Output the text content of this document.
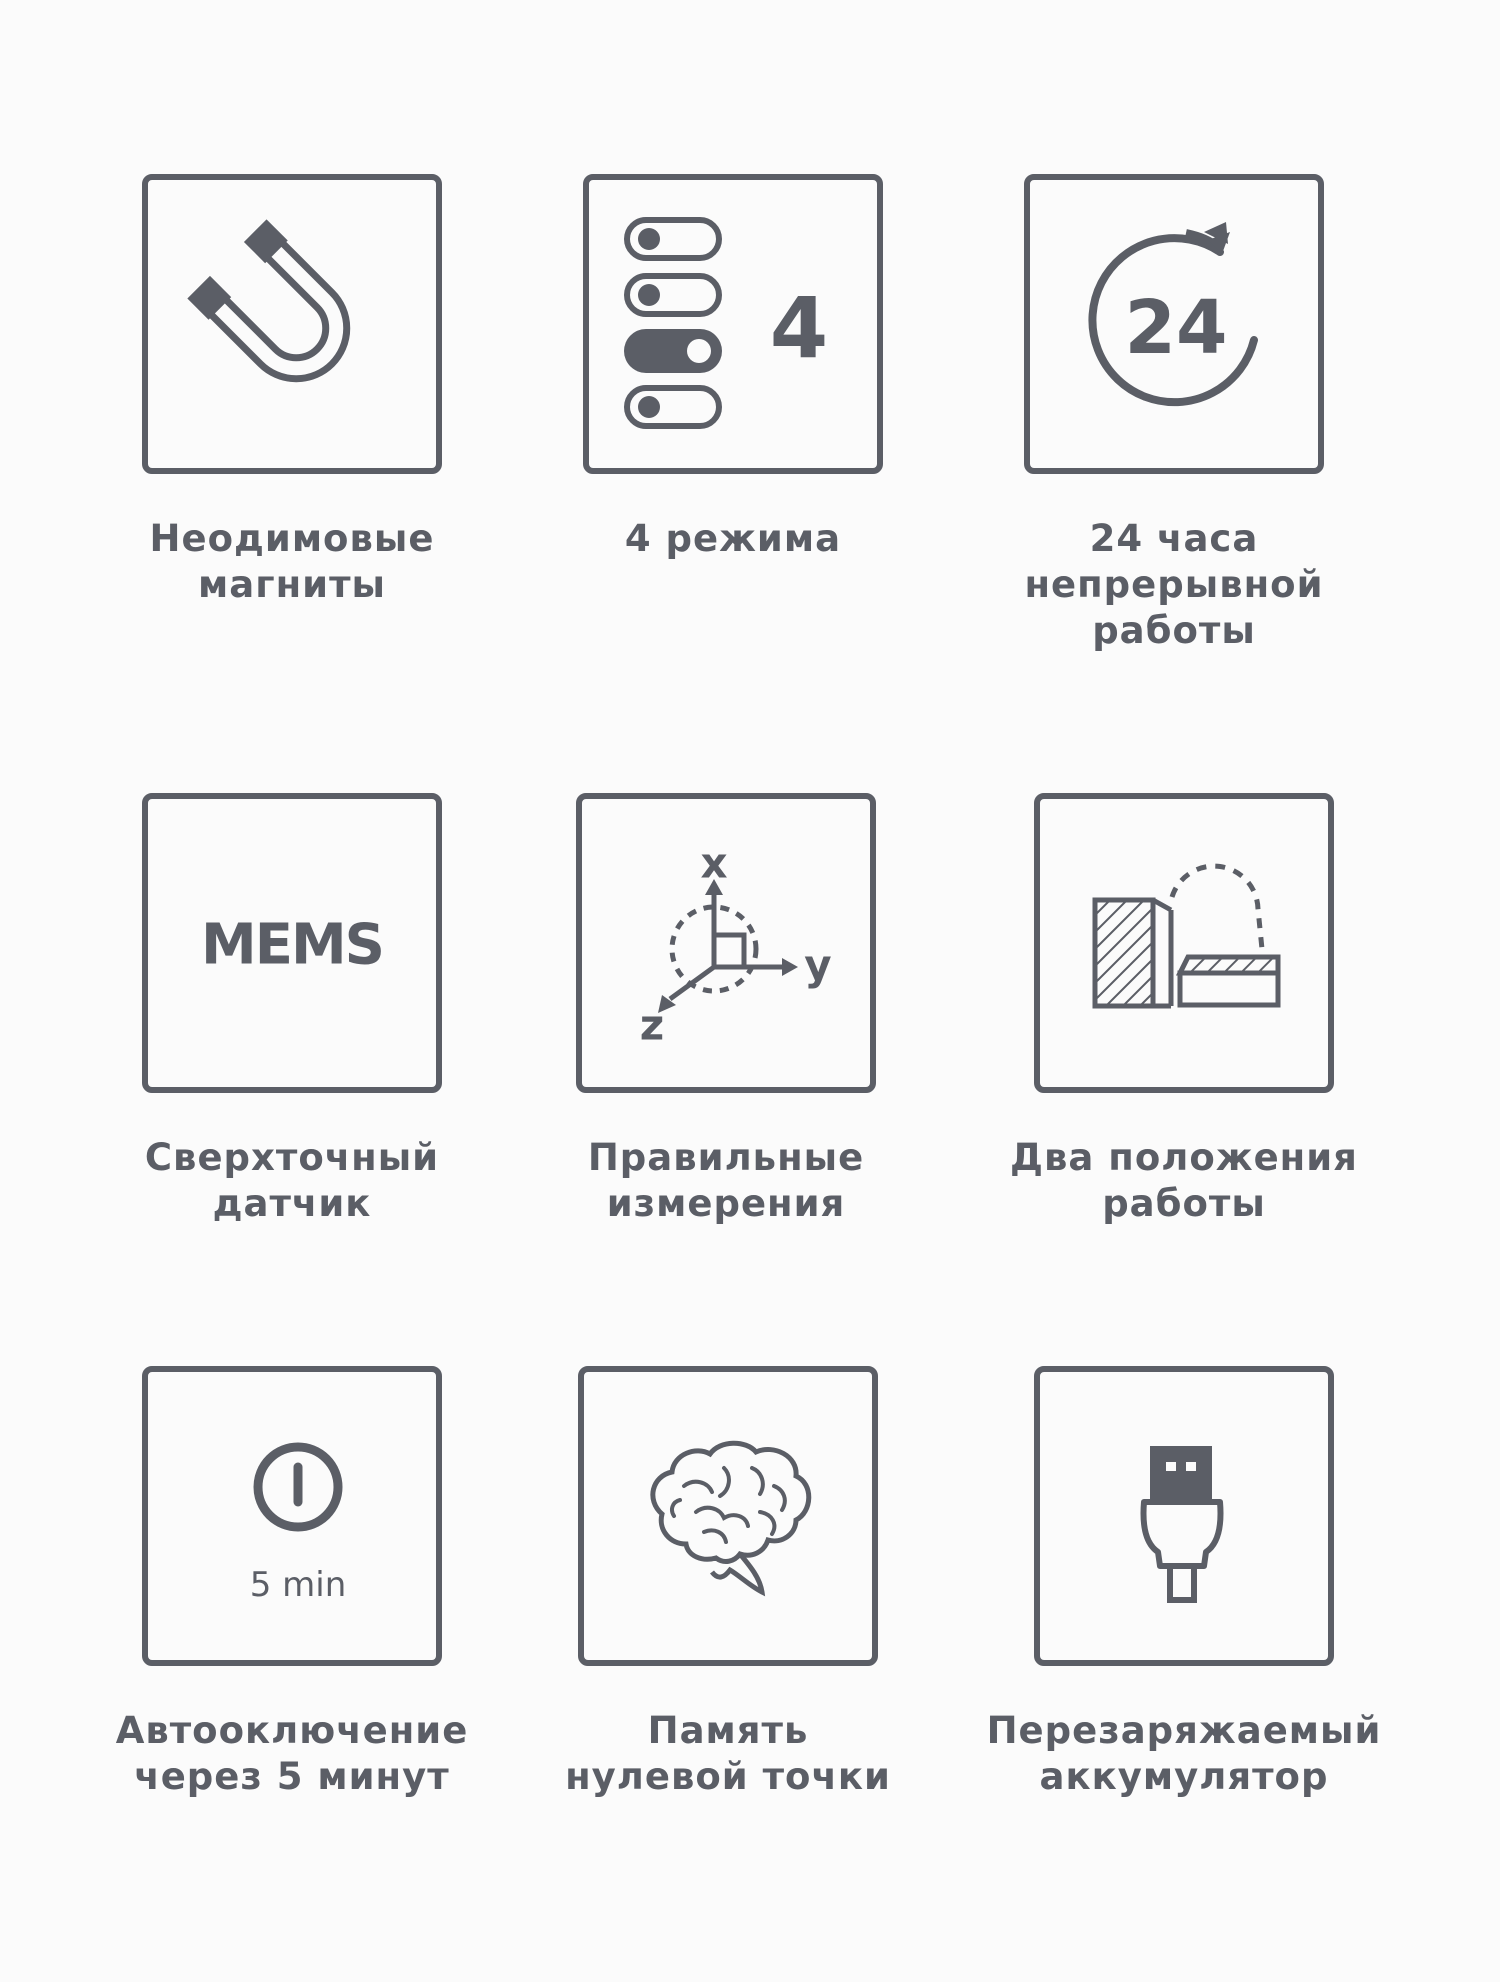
Неодимовые
магниты
4
4 режима
24
24 часа
непрерывной
работы
MEMS
Сверхточный
датчик
x
y
z
Правильные
измерения
Два положения
работы
5 min
Автооключение
через 5 минут
Память
нулевой точки
Перезаряжаемый
аккумулятор
